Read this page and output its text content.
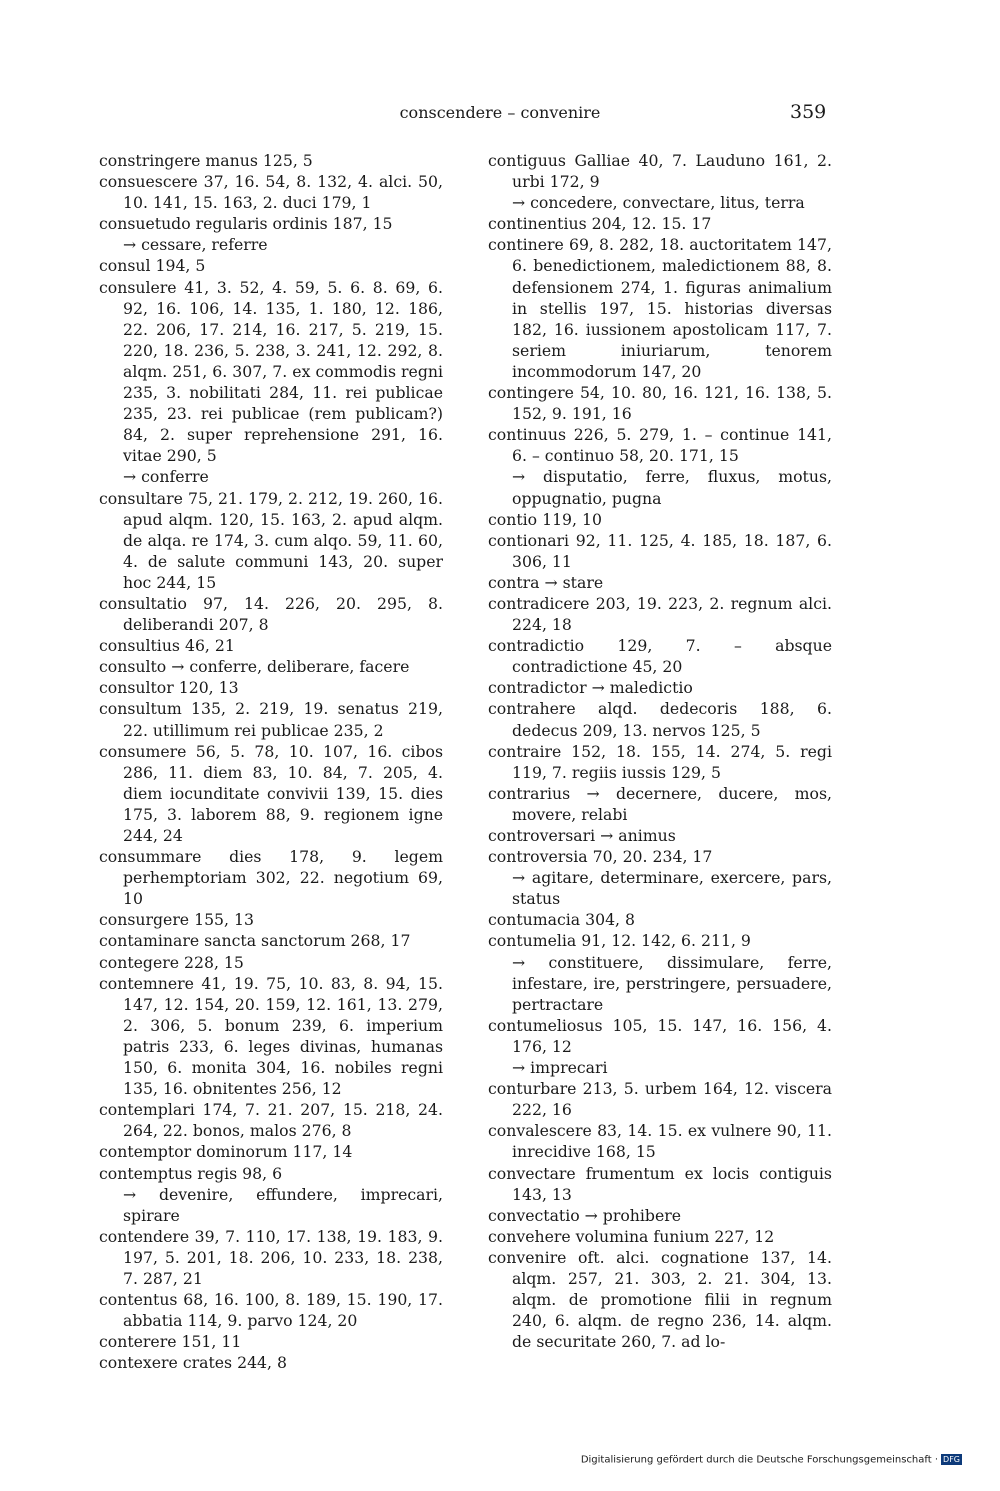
conscendere – convenire	359
constringere manus 125, 5
consuescere 37, 16. 54, 8. 132, 4. alci. 50, 10. 141, 15. 163, 2. duci 179, 1
consuetudo regularis ordinis 187, 15
→ cessare, referre
consul 194, 5
consulere 41, 3. 52, 4. 59, 5. 6. 8. 69, 6. 92, 16. 106, 14. 135, 1. 180, 12. 186, 22. 206, 17. 214, 16. 217, 5. 219, 15. 220, 18. 236, 5. 238, 3. 241, 12. 292, 8. alqm. 251, 6. 307, 7. ex commodis regni 235, 3. nobilitati 284, 11. rei publicae 235, 23. rei publicae (rem publicam?) 84, 2. super reprehensione 291, 16. vitae 290, 5
→ conferre
consultare 75, 21. 179, 2. 212, 19. 260, 16. apud alqm. 120, 15. 163, 2. apud alqm. de alqa. re 174, 3. cum alqo. 59, 11. 60, 4. de salute communi 143, 20. super hoc 244, 15
consultatio 97, 14. 226, 20. 295, 8. deliberandi 207, 8
consultius 46, 21
consulto → conferre, deliberare, facere
consultor 120, 13
consultum 135, 2. 219, 19. senatus 219, 22. utillimum rei publicae 235, 2
consumere 56, 5. 78, 10. 107, 16. cibos 286, 11. diem 83, 10. 84, 7. 205, 4. diem iocunditate convivii 139, 15. dies 175, 3. laborem 88, 9. regionem igne 244, 24
consummare dies 178, 9. legem perhemptoriam 302, 22. negotium 69, 10
consurgere 155, 13
contaminare sancta sanctorum 268, 17
contegere 228, 15
contemnere 41, 19. 75, 10. 83, 8. 94, 15. 147, 12. 154, 20. 159, 12. 161, 13. 279, 2. 306, 5. bonum 239, 6. imperium patris 233, 6. leges divinas, humanas 150, 6. monita 304, 16. nobiles regni 135, 16. obnitentes 256, 12
contemplari 174, 7. 21. 207, 15. 218, 24. 264, 22. bonos, malos 276, 8
contemptor dominorum 117, 14
contemptus regis 98, 6
→ devenire, effundere, imprecari, spirare
contendere 39, 7. 110, 17. 138, 19. 183, 9. 197, 5. 201, 18. 206, 10. 233, 18. 238, 7. 287, 21
contentus 68, 16. 100, 8. 189, 15. 190, 17. abbatia 114, 9. parvo 124, 20
conterere 151, 11
contexere crates 244, 8
contiguus Galliae 40, 7. Lauduno 161, 2. urbi 172, 9
→ concedere, convectare, litus, terra
continentius 204, 12. 15. 17
continere 69, 8. 282, 18. auctoritatem 147, 6. benedictionem, maledictionem 88, 8. defensionem 274, 1. figuras animalium in stellis 197, 15. historias diversas 182, 16. iussionem apostolicam 117, 7. seriem iniuriarum, tenorem incommodorum 147, 20
contingere 54, 10. 80, 16. 121, 16. 138, 5. 152, 9. 191, 16
continuus 226, 5. 279, 1. – continue 141, 6. – continuo 58, 20. 171, 15
→ disputatio, ferre, fluxus, motus, oppugnatio, pugna
contio 119, 10
contionari 92, 11. 125, 4. 185, 18. 187, 6. 306, 11
contra → stare
contradicere 203, 19. 223, 2. regnum alci. 224, 18
contradictio 129, 7. – absque contradictione 45, 20
contradictor → maledictio
contrahere alqd. dedecoris 188, 6. dedecus 209, 13. nervos 125, 5
contraire 152, 18. 155, 14. 274, 5. regi 119, 7. regiis iussis 129, 5
contrarius → decernere, ducere, mos, movere, relabi
controversari → animus
controversia 70, 20. 234, 17
→ agitare, determinare, exercere, pars, status
contumacia 304, 8
contumelia 91, 12. 142, 6. 211, 9
→ constituere, dissimulare, ferre, infestare, ire, perstringere, persuadere, pertractare
contumeliosus 105, 15. 147, 16. 156, 4. 176, 12
→ imprecari
conturbare 213, 5. urbem 164, 12. viscera 222, 16
convalescere 83, 14. 15. ex vulnere 90, 11. inrecidive 168, 15
convectare frumentum ex locis contiguis 143, 13
convectatio → prohibere
convehere volumina funium 227, 12
convenire oft. alci. cognatione 137, 14. alqm. 257, 21. 303, 2. 21. 304, 13. alqm. de promotione filii in regnum 240, 6. alqm. de regno 236, 14. alqm. de securitate 260, 7. ad lo-
Digitalisierung gefördert durch die Deutsche Forschungsgemeinschaft · DFG
